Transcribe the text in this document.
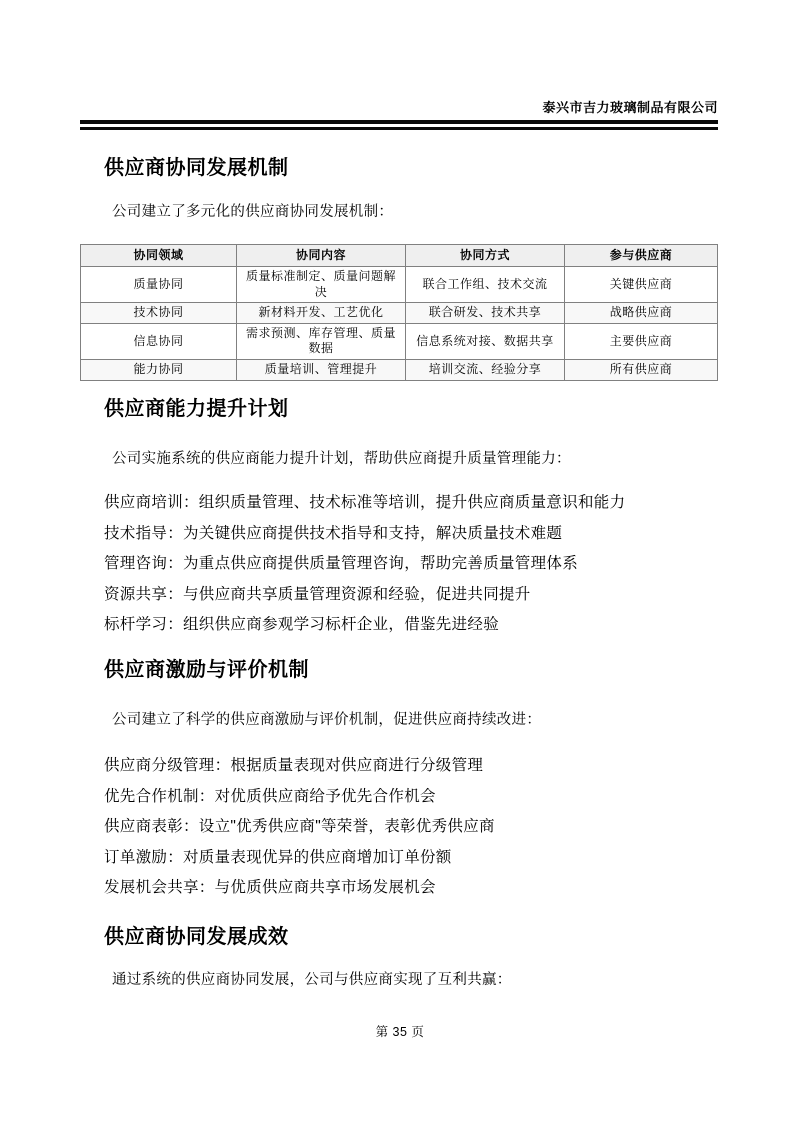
泰兴市吉力玻璃制品有限公司
供应商协同发展机制
公司建立了多元化的供应商协同发展机制：
协同领域	协同内容	协同方式	参与供应商
质量协同	质量标准制定、质量问题解决	联合工作组、技术交流	关键供应商
技术协同	新材料开发、工艺优化	联合研发、技术共享	战略供应商
信息协同	需求预测、库存管理、质量数据	信息系统对接、数据共享	主要供应商
能力协同	质量培训、管理提升	培训交流、经验分享	所有供应商
供应商能力提升计划
公司实施系统的供应商能力提升计划，帮助供应商提升质量管理能力：
供应商培训：组织质量管理、技术标准等培训，提升供应商质量意识和能力
技术指导：为关键供应商提供技术指导和支持，解决质量技术难题
管理咨询：为重点供应商提供质量管理咨询，帮助完善质量管理体系
资源共享：与供应商共享质量管理资源和经验，促进共同提升
标杆学习：组织供应商参观学习标杆企业，借鉴先进经验
供应商激励与评价机制
公司建立了科学的供应商激励与评价机制，促进供应商持续改进：
供应商分级管理：根据质量表现对供应商进行分级管理
优先合作机制：对优质供应商给予优先合作机会
供应商表彰：设立"优秀供应商"等荣誉，表彰优秀供应商
订单激励：对质量表现优异的供应商增加订单份额
发展机会共享：与优质供应商共享市场发展机会
供应商协同发展成效
通过系统的供应商协同发展，公司与供应商实现了互利共赢：
第 35 页
